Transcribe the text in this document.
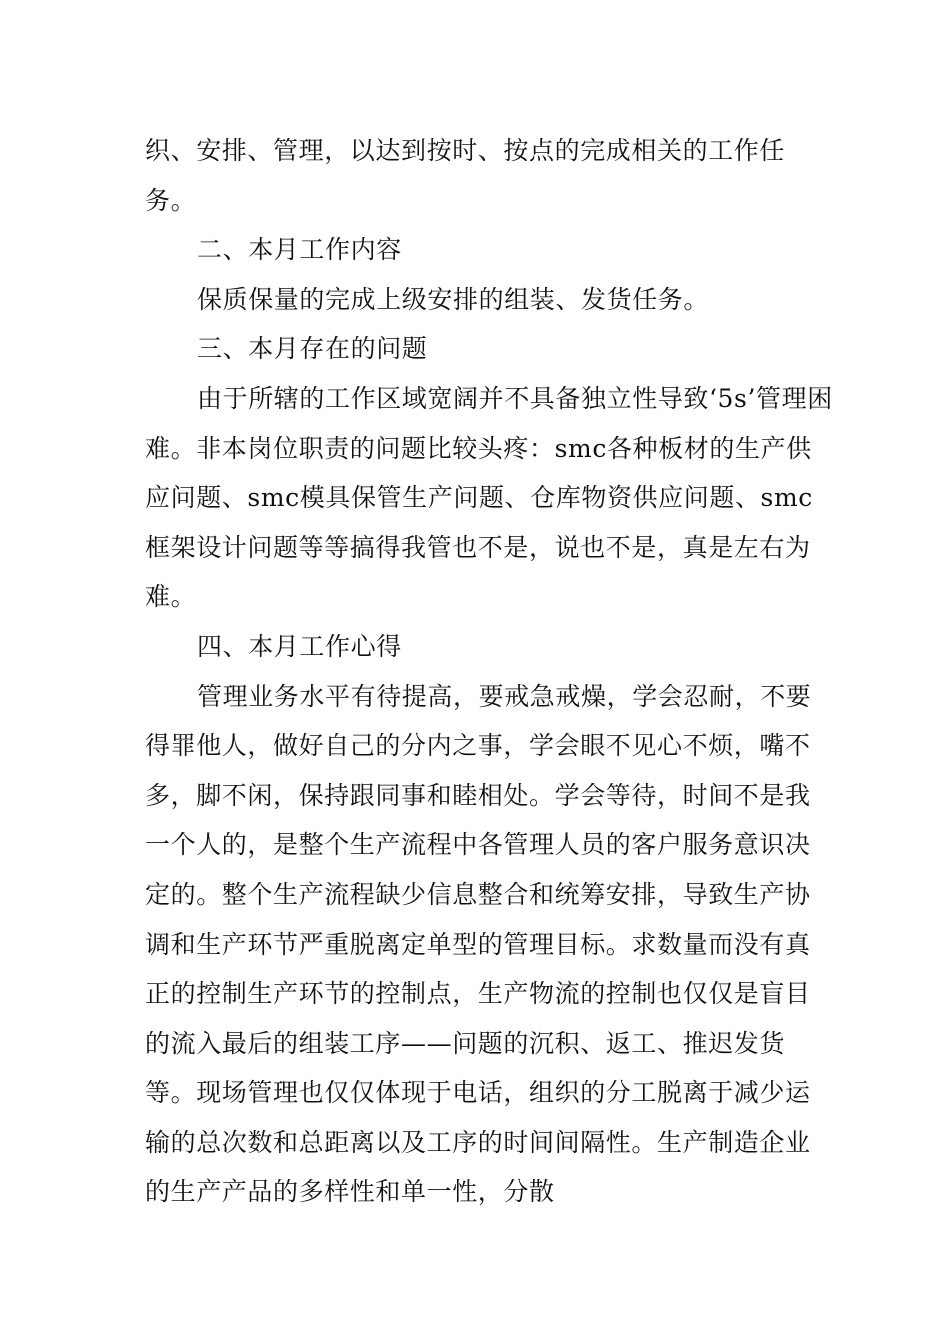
织、安排、管理，以达到按时、按点的完成相关的工作任务。

二、本月工作内容

保质保量的完成上级安排的组装、发货任务。

三、本月存在的问题

由于所辖的工作区域宽阔并不具备独立性导致‘5s’管理困难。非本岗位职责的问题比较头疼：smc各种板材的生产供应问题、smc模具保管生产问题、仓库物资供应问题、smc框架设计问题等等搞得我管也不是，说也不是，真是左右为难。

四、本月工作心得

管理业务水平有待提高，要戒急戒燥，学会忍耐，不要得罪他人，做好自己的分内之事，学会眼不见心不烦，嘴不多，脚不闲，保持跟同事和睦相处。学会等待，时间不是我一个人的，是整个生产流程中各管理人员的客户服务意识决定的。整个生产流程缺少信息整合和统筹安排，导致生产协调和生产环节严重脱离定单型的管理目标。求数量而没有真正的控制生产环节的控制点，生产物流的控制也仅仅是盲目的流入最后的组装工序——问题的沉积、返工、推迟发货等。现场管理也仅仅体现于电话，组织的分工脱离于减少运输的总次数和总距离以及工序的时间间隔性。生产制造企业的生产产品的多样性和单一性，分散
